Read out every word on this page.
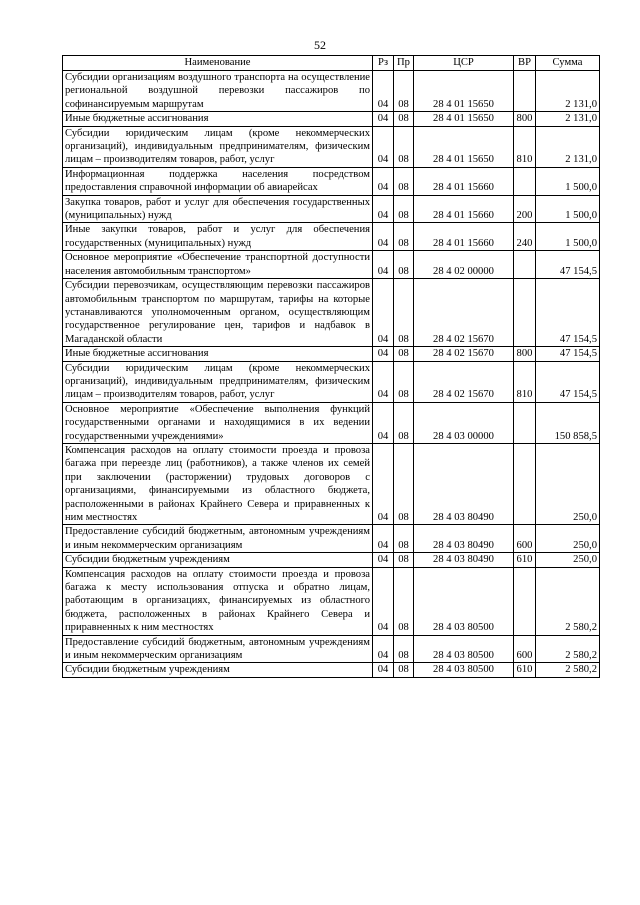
52
Наименование	Рз	Пр	ЦСР	ВР	Сумма
Субсидии организациям воздушного транспорта на осуществление региональной воздушной перевозки пассажиров по софинансируемым маршрутам	04	08	28 4 01 15650		2 131,0
Иные бюджетные ассигнования	04	08	28 4 01 15650	800	2 131,0
Субсидии юридическим лицам (кроме некоммерческих организаций), индивидуальным предпринимателям, физическим лицам – производителям товаров, работ, услуг	04	08	28 4 01 15650	810	2 131,0
Информационная поддержка населения посредством предоставления справочной информации об авиарейсах	04	08	28 4 01 15660		1 500,0
Закупка товаров, работ и услуг для обеспечения государственных (муниципальных) нужд	04	08	28 4 01 15660	200	1 500,0
Иные закупки товаров, работ и услуг для обеспечения государственных (муниципальных) нужд	04	08	28 4 01 15660	240	1 500,0
Основное мероприятие «Обеспечение транспортной доступности населения автомобильным транспортом»	04	08	28 4 02 00000		47 154,5
Субсидии перевозчикам, осуществляющим перевозки пассажиров автомобильным транспортом по маршрутам, тарифы на которые устанавливаются уполномоченным органом, осуществляющим государственное регулирование цен, тарифов и надбавок в Магаданской области	04	08	28 4 02 15670		47 154,5
Иные бюджетные ассигнования	04	08	28 4 02 15670	800	47 154,5
Субсидии юридическим лицам (кроме некоммерческих организаций), индивидуальным предпринимателям, физическим лицам – производителям товаров, работ, услуг	04	08	28 4 02 15670	810	47 154,5
Основное мероприятие «Обеспечение выполнения функций государственными органами и находящимися в их ведении государственными учреждениями»	04	08	28 4 03 00000		150 858,5
Компенсация расходов на оплату стоимости проезда и провоза багажа при переезде лиц (работников), а также членов их семей при заключении (расторжении) трудовых договоров с организациями, финансируемыми из областного бюджета, расположенными в районах Крайнего Севера и приравненных к ним местностях	04	08	28 4 03 80490		250,0
Предоставление субсидий бюджетным, автономным учреждениям и иным некоммерческим организациям	04	08	28 4 03 80490	600	250,0
Субсидии бюджетным учреждениям	04	08	28 4 03 80490	610	250,0
Компенсация расходов на оплату стоимости проезда и провоза багажа к месту использования отпуска и обратно лицам, работающим в организациях, финансируемых из областного бюджета, расположенных в районах Крайнего Севера и приравненных к ним местностях	04	08	28 4 03 80500		2 580,2
Предоставление субсидий бюджетным, автономным учреждениям и иным некоммерческим организациям	04	08	28 4 03 80500	600	2 580,2
Субсидии бюджетным учреждениям	04	08	28 4 03 80500	610	2 580,2
